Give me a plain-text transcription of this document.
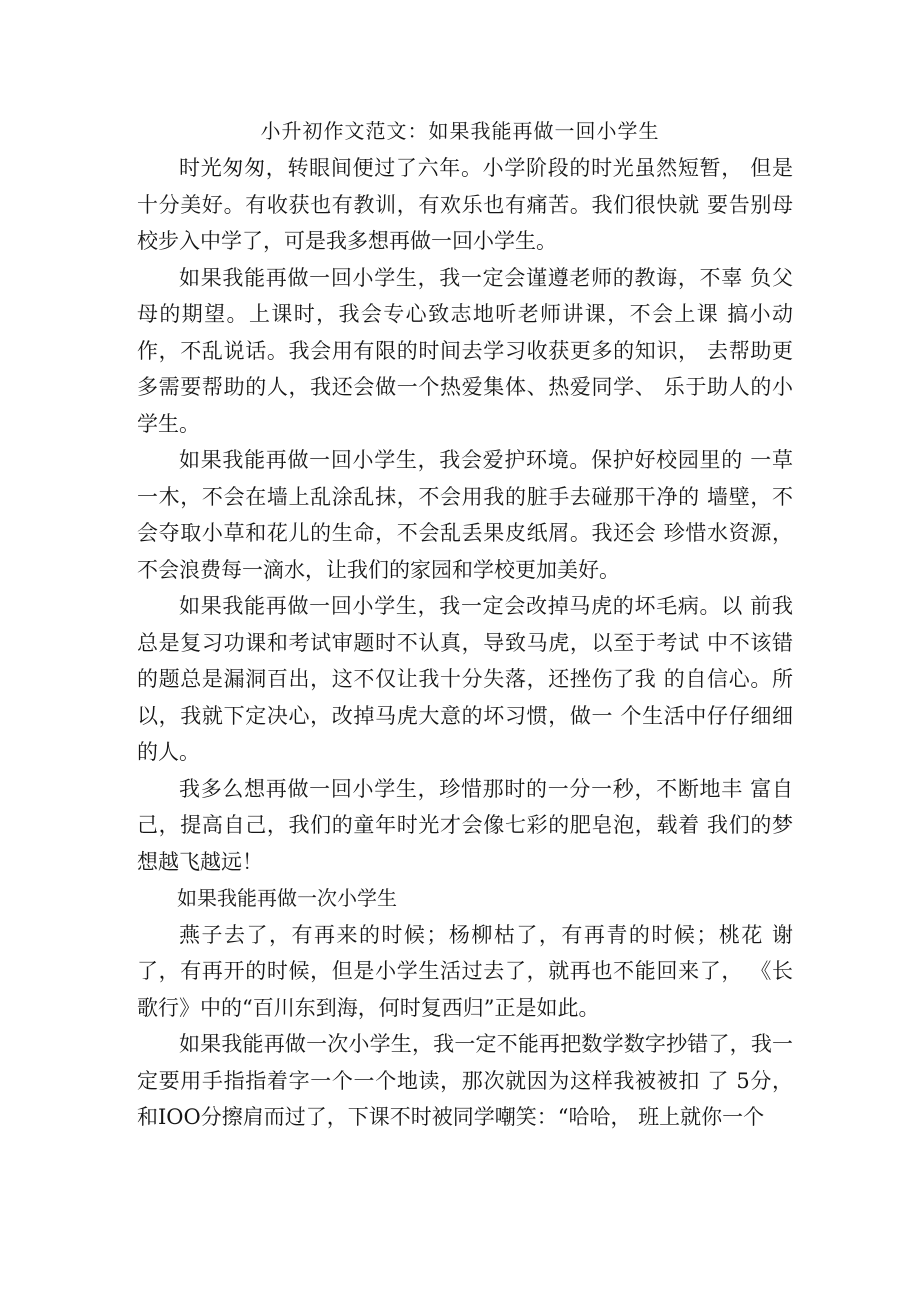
小升初作文范文：如果我能再做一回小学生

时光匆匆，转眼间便过了六年。小学阶段的时光虽然短暂， 但是十分美好。有收获也有教训，有欢乐也有痛苦。我们很快就 要告别母校步入中学了，可是我多想再做一回小学生。

如果我能再做一回小学生，我一定会谨遵老师的教诲，不辜 负父母的期望。上课时，我会专心致志地听老师讲课，不会上课 搞小动作，不乱说话。我会用有限的时间去学习收获更多的知识， 去帮助更多需要帮助的人，我还会做一个热爱集体、热爱同学、 乐于助人的小学生。

如果我能再做一回小学生，我会爱护环境。保护好校园里的 一草一木，不会在墙上乱涂乱抹，不会用我的脏手去碰那干净的 墙壁，不会夺取小草和花儿的生命，不会乱丢果皮纸屑。我还会 珍惜水资源，不会浪费每一滴水，让我们的家园和学校更加美好。

如果我能再做一回小学生，我一定会改掉马虎的坏毛病。以 前我总是复习功课和考试审题时不认真，导致马虎，以至于考试 中不该错的题总是漏洞百出，这不仅让我十分失落，还挫伤了我 的自信心。所以，我就下定决心，改掉马虎大意的坏习惯，做一 个生活中仔仔细细的人。

我多么想再做一回小学生，珍惜那时的一分一秒，不断地丰 富自己，提高自己，我们的童年时光才会像七彩的肥皂泡，载着 我们的梦想越飞越远！

如果我能再做一次小学生

燕子去了，有再来的时候；杨柳枯了，有再青的时候；桃花 谢了，有再开的时候，但是小学生活过去了，就再也不能回来了， 《长歌行》中的“百川东到海，何时复西归”正是如此。

如果我能再做一次小学生，我一定不能再把数学数字抄错了，我一定要用手指指着字一个一个地读，那次就因为这样我被被扣 了 5分，和IOO分擦肩而过了，下课不时被同学嘲笑：“哈哈， 班上就你一个
